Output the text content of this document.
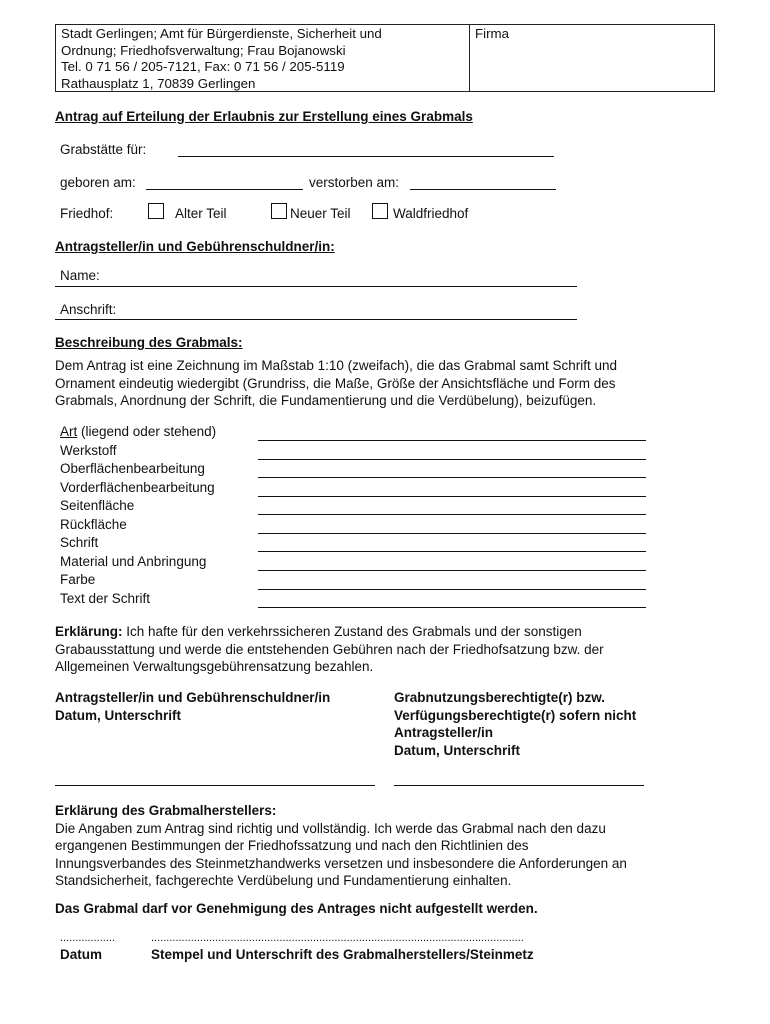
Stadt Gerlingen; Amt für Bürgerdienste, Sicherheit und
Ordnung; Friedhofsverwaltung; Frau Bojanowski
Tel. 0 71 56 / 205-7121, Fax: 0 71 56 / 205-5119
Rathausplatz 1, 70839 Gerlingen
Firma
Antrag auf Erteilung der Erlaubnis zur Erstellung eines Grabmals
Grabstätte für:
geboren am:	verstorben am:
Friedhof:	Alter Teil	Neuer Teil	Waldfriedhof
Antragsteller/in und Gebührenschuldner/in:
Name:
Anschrift:
Beschreibung des Grabmals:
Dem Antrag ist eine Zeichnung im Maßstab 1:10 (zweifach), die das Grabmal samt Schrift und
Ornament eindeutig wiedergibt (Grundriss, die Maße, Größe der Ansichtsfläche und Form des
Grabmals, Anordnung der Schrift, die Fundamentierung und die Verdübelung), beizufügen.
Art (liegend oder stehend)
Werkstoff
Oberflächenbearbeitung
Vorderflächenbearbeitung
Seitenfläche
Rückfläche
Schrift
Material und Anbringung
Farbe
Text der Schrift
Erklärung: Ich hafte für den verkehrssicheren Zustand des Grabmals und der sonstigen
Grabausstattung und werde die entstehenden Gebühren nach der Friedhofsatzung bzw. der
Allgemeinen Verwaltungsgebührensatzung bezahlen.
Antragsteller/in und Gebührenschuldner/in
Datum, Unterschrift
Grabnutzungsberechtigte(r) bzw.
Verfügungsberechtigte(r) sofern nicht
Antragsteller/in
Datum, Unterschrift
Erklärung des Grabmalherstellers:
Die Angaben zum Antrag sind richtig und vollständig. Ich werde das Grabmal nach den dazu
ergangenen Bestimmungen der Friedhofssatzung und nach den Richtlinien des
Innungsverbandes des Steinmetzhandwerks versetzen und insbesondere die Anforderungen an
Standsicherheit, fachgerechte Verdübelung und Fundamentierung einhalten.
Das Grabmal darf vor Genehmigung des Antrages nicht aufgestellt werden.
..................	..........................................................................................................................
Datum	Stempel und Unterschrift des Grabmalherstellers/Steinmetz
